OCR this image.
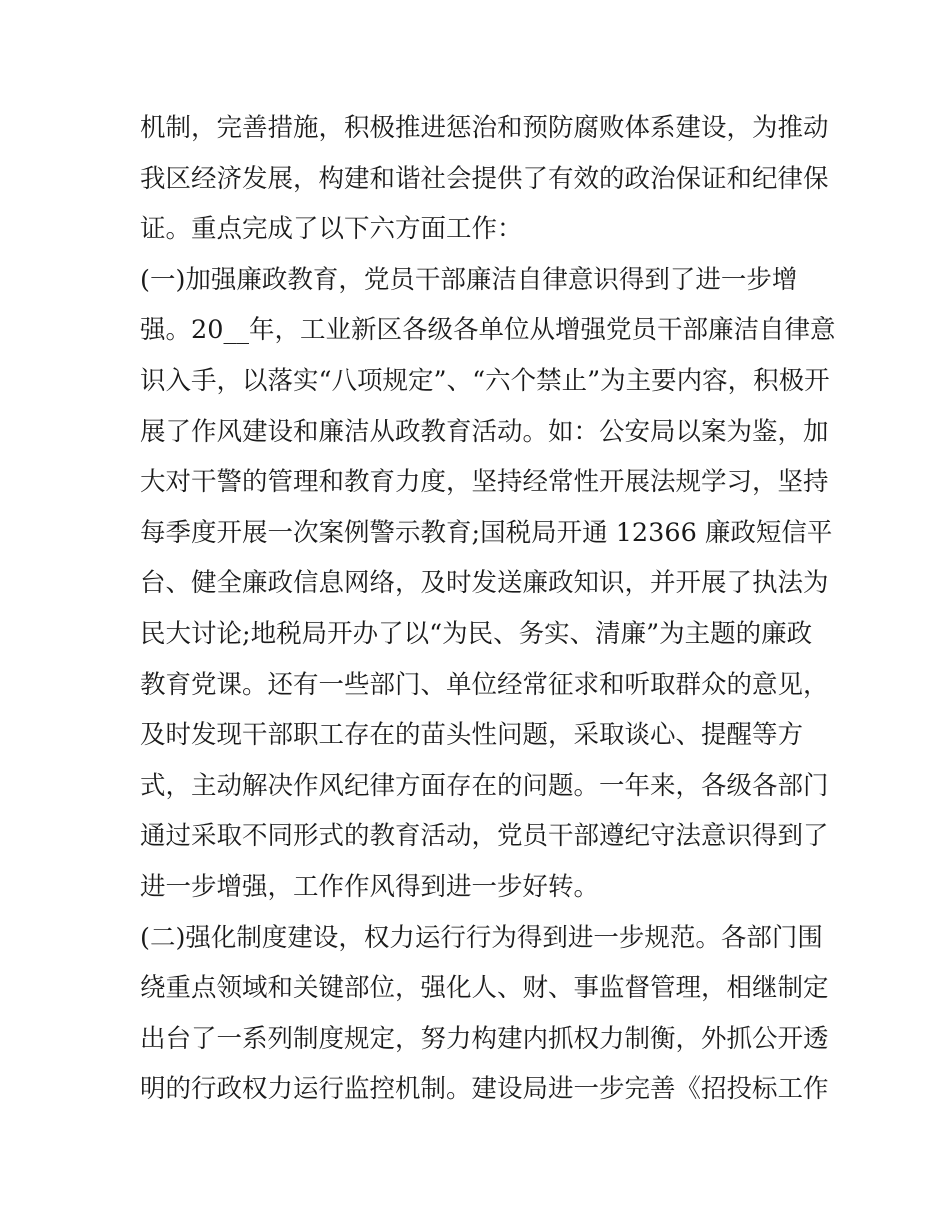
机制，完善措施，积极推进惩治和预防腐败体系建设，为推动
我区经济发展，构建和谐社会提供了有效的政治保证和纪律保
证。重点完成了以下六方面工作：
(一)加强廉政教育，党员干部廉洁自律意识得到了进一步增
强。20__年，工业新区各级各单位从增强党员干部廉洁自律意
识入手，以落实“八项规定”、“六个禁止”为主要内容，积极开
展了作风建设和廉洁从政教育活动。如：公安局以案为鉴，加
大对干警的管理和教育力度，坚持经常性开展法规学习，坚持
每季度开展一次案例警示教育;国税局开通 12366 廉政短信平
台、健全廉政信息网络，及时发送廉政知识，并开展了执法为
民大讨论;地税局开办了以“为民、务实、清廉”为主题的廉政
教育党课。还有一些部门、单位经常征求和听取群众的意见，
及时发现干部职工存在的苗头性问题，采取谈心、提醒等方
式，主动解决作风纪律方面存在的问题。一年来，各级各部门
通过采取不同形式的教育活动，党员干部遵纪守法意识得到了
进一步增强，工作作风得到进一步好转。
(二)强化制度建设，权力运行行为得到进一步规范。各部门围
绕重点领域和关键部位，强化人、财、事监督管理，相继制定
出台了一系列制度规定，努力构建内抓权力制衡，外抓公开透
明的行政权力运行监控机制。建设局进一步完善《招投标工作
